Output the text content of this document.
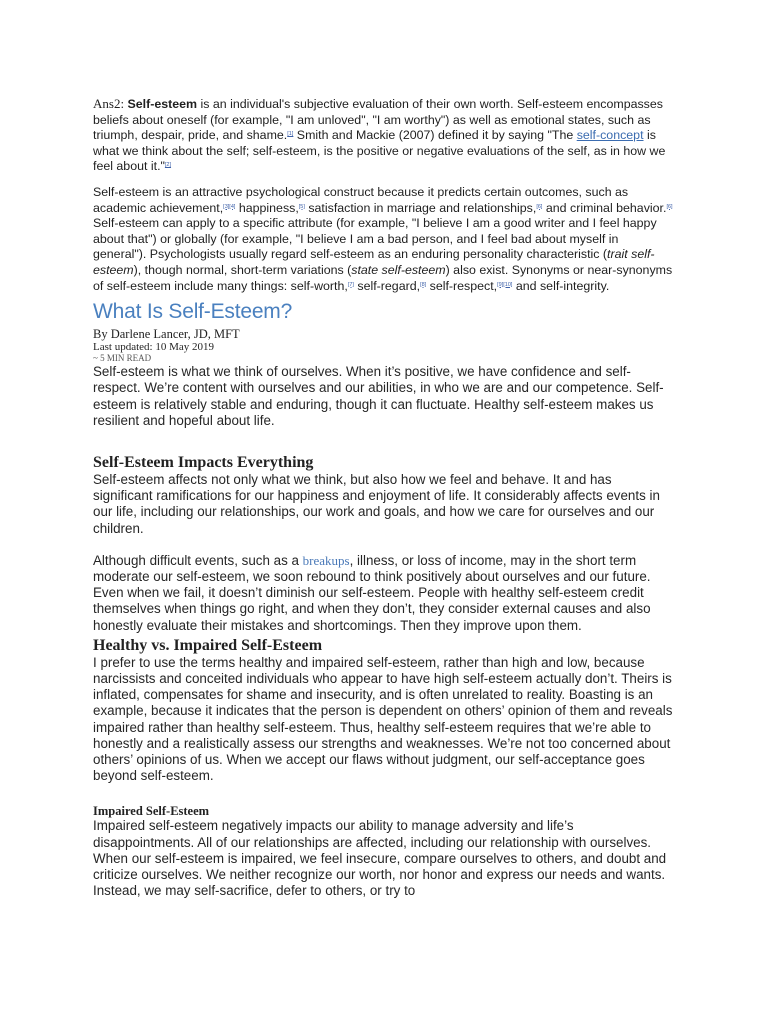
Ans2: Self-esteem is an individual's subjective evaluation of their own worth. Self-esteem encompasses beliefs about oneself (for example, "I am unloved", "I am worthy") as well as emotional states, such as triumph, despair, pride, and shame.[1] Smith and Mackie (2007) defined it by saying "The self-concept is what we think about the self; self-esteem, is the positive or negative evaluations of the self, as in how we feel about it."[2]

Self-esteem is an attractive psychological construct because it predicts certain outcomes, such as academic achievement,[3][4] happiness,[5] satisfaction in marriage and relationships,[6] and criminal behavior.[6] Self-esteem can apply to a specific attribute (for example, "I believe I am a good writer and I feel happy about that") or globally (for example, "I believe I am a bad person, and I feel bad about myself in general"). Psychologists usually regard self-esteem as an enduring personality characteristic (trait self-esteem), though normal, short-term variations (state self-esteem) also exist. Synonyms or near-synonyms of self-esteem include many things: self-worth,[7] self-regard,[8] self-respect,[9][10] and self-integrity.

What Is Self-Esteem?
By Darlene Lancer, JD, MFT
Last updated: 10 May 2019
~ 5 MIN READ

Self-esteem is what we think of ourselves. When it’s positive, we have confidence and self-respect. We’re content with ourselves and our abilities, in who we are and our competence. Self-esteem is relatively stable and enduring, though it can fluctuate. Healthy self-esteem makes us resilient and hopeful about life.

Self-Esteem Impacts Everything

Self-esteem affects not only what we think, but also how we feel and behave. It and has significant ramifications for our happiness and enjoyment of life. It considerably affects events in our life, including our relationships, our work and goals, and how we care for ourselves and our children.

Although difficult events, such as a breakups, illness, or loss of income, may in the short term moderate our self-esteem, we soon rebound to think positively about ourselves and our future. Even when we fail, it doesn’t diminish our self-esteem. People with healthy self-esteem credit themselves when things go right, and when they don’t, they consider external causes and also honestly evaluate their mistakes and shortcomings. Then they improve upon them.

Healthy vs. Impaired Self-Esteem

I prefer to use the terms healthy and impaired self-esteem, rather than high and low, because narcissists and conceited individuals who appear to have high self-esteem actually don’t. Theirs is inflated, compensates for shame and insecurity, and is often unrelated to reality. Boasting is an example, because it indicates that the person is dependent on others’ opinion of them and reveals impaired rather than healthy self-esteem. Thus, healthy self-esteem requires that we’re able to honestly and a realistically assess our strengths and weaknesses. We’re not too concerned about others’ opinions of us. When we accept our flaws without judgment, our self-acceptance goes beyond self-esteem.

Impaired Self-Esteem

Impaired self-esteem negatively impacts our ability to manage adversity and life’s disappointments. All of our relationships are affected, including our relationship with ourselves. When our self-esteem is impaired, we feel insecure, compare ourselves to others, and doubt and criticize ourselves. We neither recognize our worth, nor honor and express our needs and wants. Instead, we may self-sacrifice, defer to others, or try to
